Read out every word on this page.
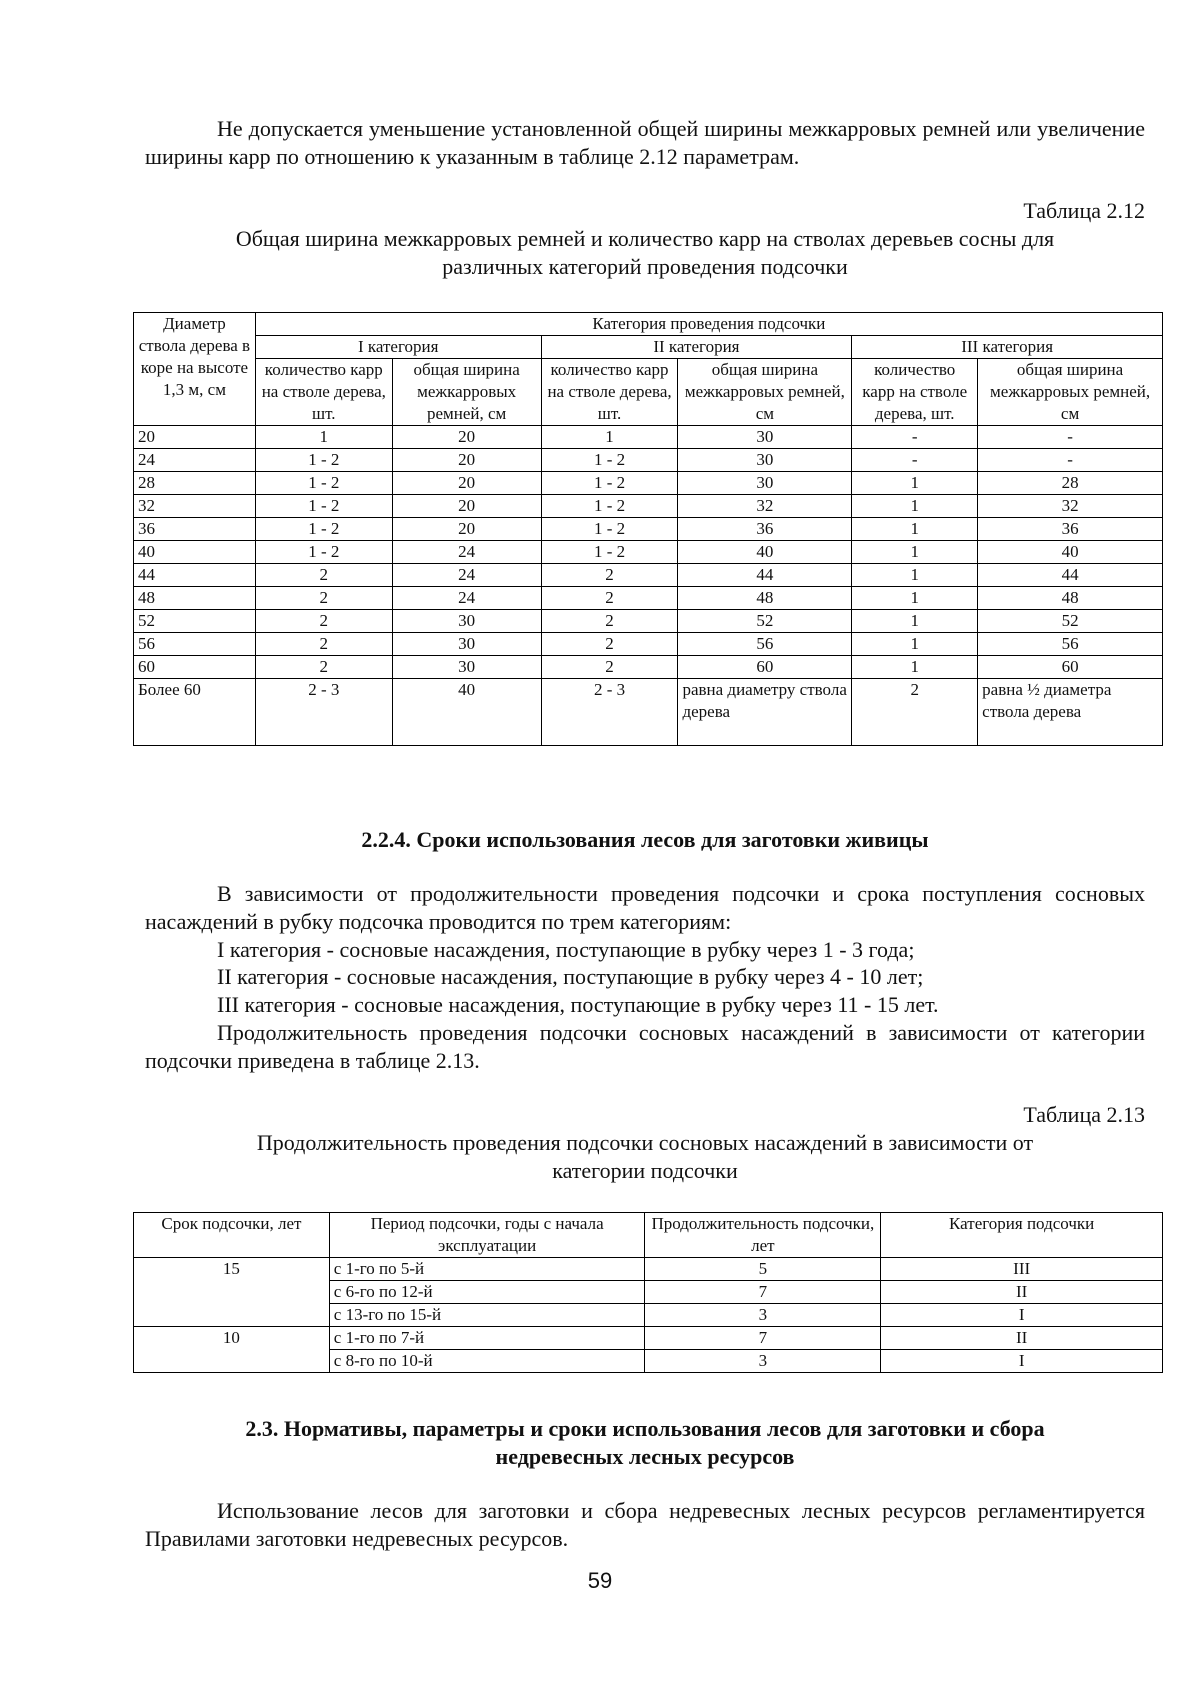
Не допускается уменьшение установленной общей ширины межкарровых ремней или увеличение ширины карр по отношению к указанным в таблице 2.12 параметрам.

Таблица 2.12

Общая ширина межкарровых ремней и количество карр на стволах деревьев сосны для

различных категорий проведения подсочки

Диаметр ствола дерева в коре на высоте 1,3 м, см	Категория проведения подсочки					
	I категория		II категория		III категория	
	количество карр на стволе дерева, шт.	общая ширина межкарровых ремней, см	количество карр на стволе дерева, шт.	общая ширина межкарровых ремней, см	количество карр на стволе дерева, шт.	общая ширина межкарровых ремней, см
20	1	20	1	30	-	-
24	1 - 2	20	1 - 2	30	-	-
28	1 - 2	20	1 - 2	30	1	28
32	1 - 2	20	1 - 2	32	1	32
36	1 - 2	20	1 - 2	36	1	36
40	1 - 2	24	1 - 2	40	1	40
44	2	24	2	44	1	44
48	2	24	2	48	1	48
52	2	30	2	52	1	52
56	2	30	2	56	1	56
60	2	30	2	60	1	60
Более 60	2 - 3	40	2 - 3	равна диаметру ствола дерева	2	равна ½ диаметра ствола дерева

2.2.4. Сроки использования лесов для заготовки живицы

В зависимости от продолжительности проведения подсочки и срока поступления сосновых насаждений в рубку подсочка проводится по трем категориям:

I категория - сосновые насаждения, поступающие в рубку через 1 - 3 года;

II категория - сосновые насаждения, поступающие в рубку через 4 - 10 лет;

III категория - сосновые насаждения, поступающие в рубку через 11 - 15 лет.

Продолжительность проведения подсочки сосновых насаждений в зависимости от категории подсочки приведена в таблице 2.13.

Таблица 2.13

Продолжительность проведения подсочки сосновых насаждений в зависимости от

категории подсочки

Срок подсочки, лет	Период подсочки, годы с начала эксплуатации	Продолжительность подсочки, лет	Категория подсочки
15	с 1-го по 5-й	5	III
	с 6-го по 12-й	7	II
	с 13-го по 15-й	3	I
10	с 1-го по 7-й	7	II
	с 8-го по 10-й	3	I

2.3. Нормативы, параметры и сроки использования лесов для заготовки и сбора

недревесных лесных ресурсов

Использование лесов для заготовки и сбора недревесных лесных ресурсов регламентируется Правилами заготовки недревесных ресурсов.

59
